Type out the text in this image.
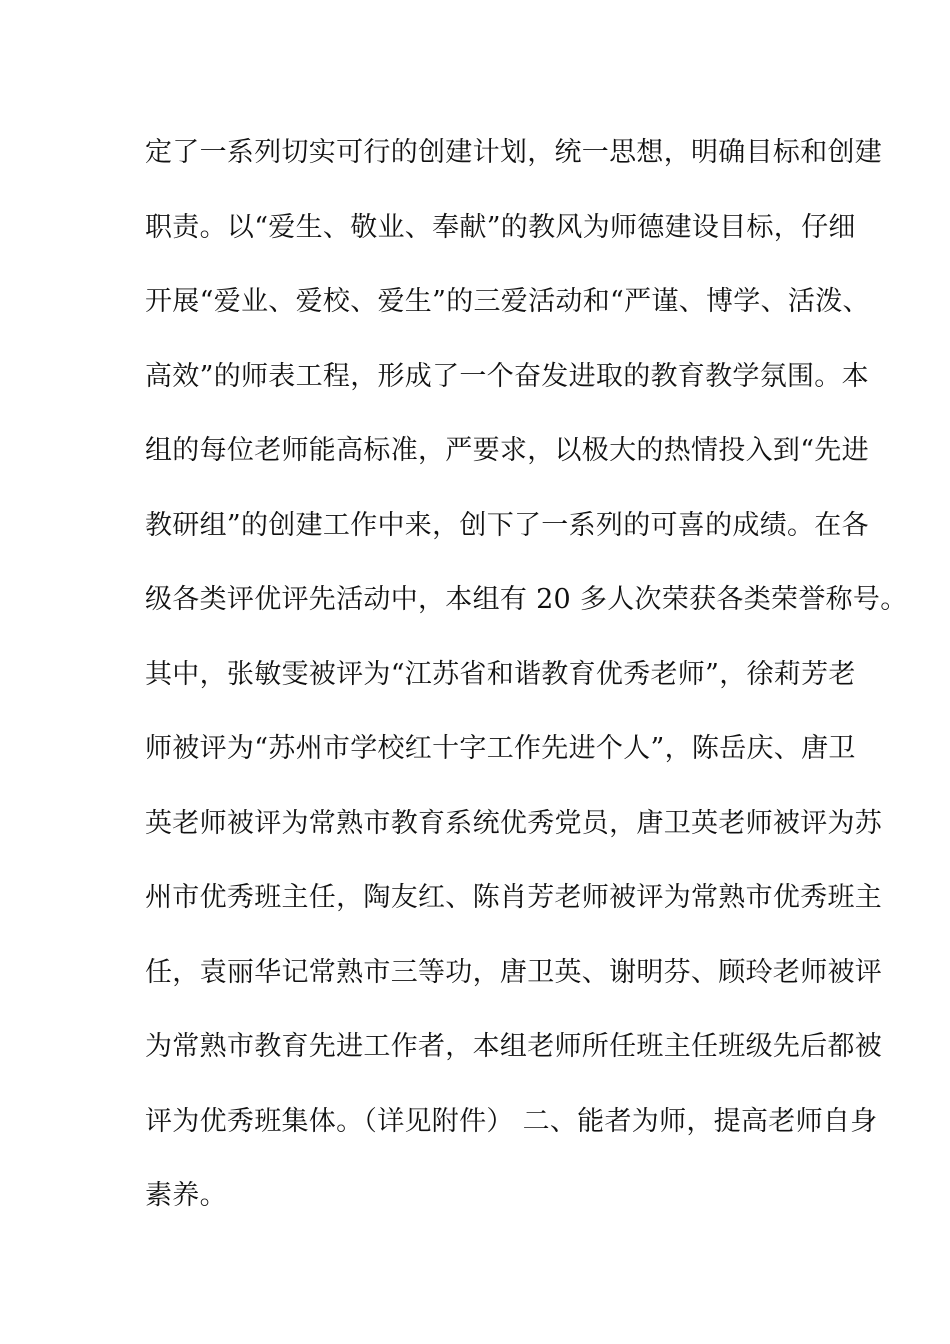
定了一系列切实可行的创建计划，统一思想，明确目标和创建
职责。以“爱生、敬业、奉献”的教风为师德建设目标，仔细
开展“爱业、爱校、爱生”的三爱活动和“严谨、博学、活泼、
高效”的师表工程，形成了一个奋发进取的教育教学氛围。本
组的每位老师能高标准，严要求，以极大的热情投入到“先进
教研组”的创建工作中来，创下了一系列的可喜的成绩。在各
级各类评优评先活动中，本组有 20 多人次荣获各类荣誉称号。
其中，张敏雯被评为“江苏省和谐教育优秀老师”，徐莉芳老
师被评为“苏州市学校红十字工作先进个人”，陈岳庆、唐卫
英老师被评为常熟市教育系统优秀党员，唐卫英老师被评为苏
州市优秀班主任，陶友红、陈肖芳老师被评为常熟市优秀班主
任，袁丽华记常熟市三等功，唐卫英、谢明芬、顾玲老师被评
为常熟市教育先进工作者，本组老师所任班主任班级先后都被
评为优秀班集体。（详见附件） 二、能者为师，提高老师自身
素养。
